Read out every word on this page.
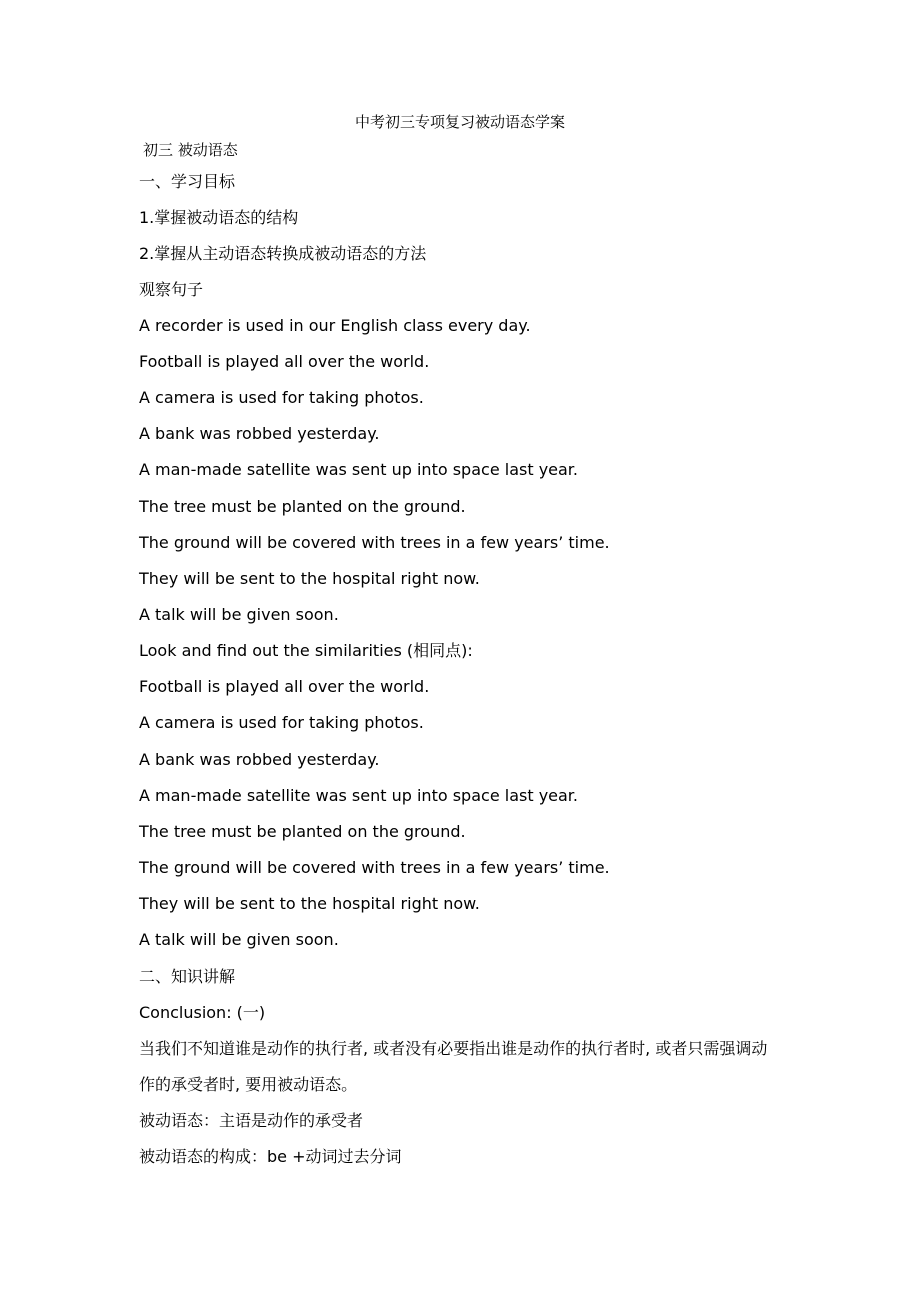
中考初三专项复习被动语态学案
初三 被动语态
一、学习目标
1.掌握被动语态的结构
2.掌握从主动语态转换成被动语态的方法
观察句子
A recorder is used in our English class every day.
Football is played all over the world.
A camera is used for taking photos.
A bank was robbed yesterday.
A man-made satellite was sent up into space last year.
The tree must be planted on the ground.
The ground will be covered with trees in a few years’ time.
They will be sent to the hospital right now.
A talk will be given soon.
Look and find out the similarities (相同点):
Football is played all over the world.
A camera is used for taking photos.
A bank was robbed yesterday.
A man-made satellite was sent up into space last year.
The tree must be planted on the ground.
The ground will be covered with trees in a few years’ time.
They will be sent to the hospital right now.
A talk will be given soon.
二、知识讲解
Conclusion: (一)
当我们不知道谁是动作的执行者, 或者没有必要指出谁是动作的执行者时, 或者只需强调动
作的承受者时, 要用被动语态。
被动语态：主语是动作的承受者
被动语态的构成：be +动词过去分词
